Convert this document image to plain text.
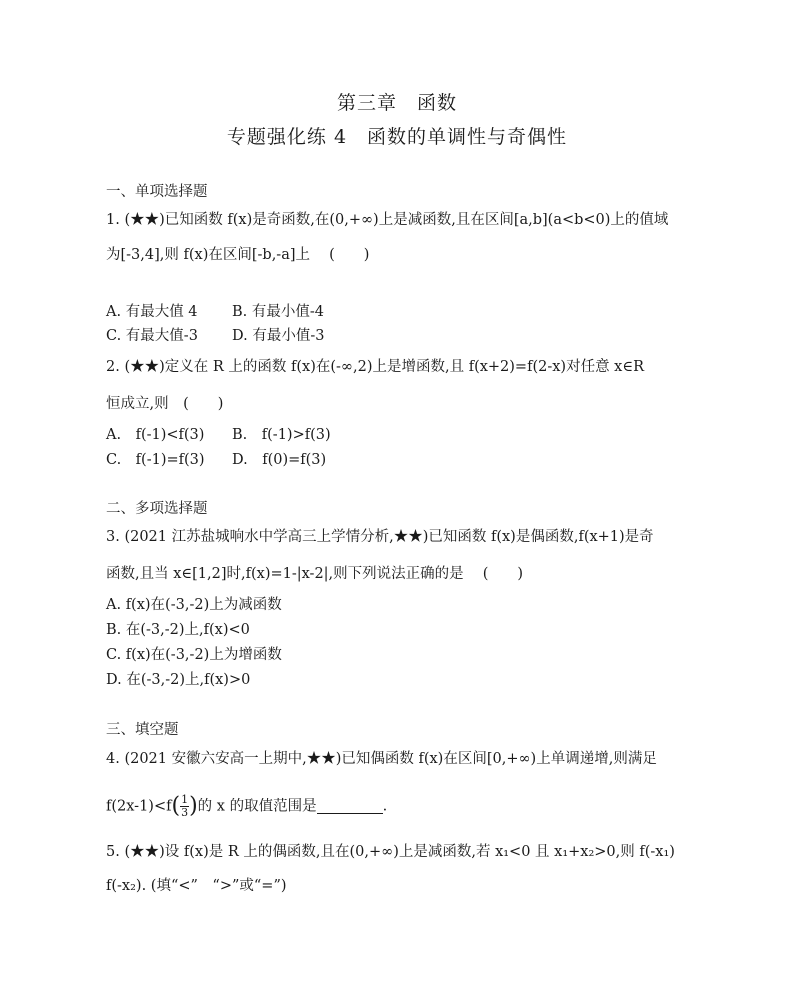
第三章　函数
专题强化练 4　函数的单调性与奇偶性
一、单项选择题
1. (★★)已知函数 f(x)是奇函数,在(0,+∞)上是减函数,且在区间[a,b](a<b<0)上的值域
为[-3,4],则 f(x)在区间[-b,-a]上　 (　　)
A. 有最大值 4 B. 有最小值-4
C. 有最大值-3 D. 有最小值-3
2. (★★)定义在 R 上的函数 f(x)在(-∞,2)上是增函数,且 f(x+2)=f(2-x)对任意 x∈R
恒成立,则　(　　)
A.　f(-1)<f(3) B.　f(-1)>f(3)
C.　f(-1)=f(3) D.　f(0)=f(3)
二、多项选择题
3. (2021 江苏盐城响水中学高三上学情分析,★★)已知函数 f(x)是偶函数,f(x+1)是奇
函数,且当 x∈[1,2]时,f(x)=1-|x-2|,则下列说法正确的是　 (　　)
A. f(x)在(-3,-2)上为减函数
B. 在(-3,-2)上,f(x)<0
C. f(x)在(-3,-2)上为增函数
D. 在(-3,-2)上,f(x)>0
三、填空题
4. (2021 安徽六安高一上期中,★★)已知偶函数 f(x)在区间[0,+∞)上单调递增,则满足
$f(2x-1)<f( \frac{1}{3}$ )的 x 的取值范围是	.
5. (★★)设 f(x)是 R 上的偶函数,且在(0,+∞)上是减函数,若 x₁<0 且 x₁+x₂>0,则 f(-x₁)
f(-x₂). (填“<”　“>”或“=”)
